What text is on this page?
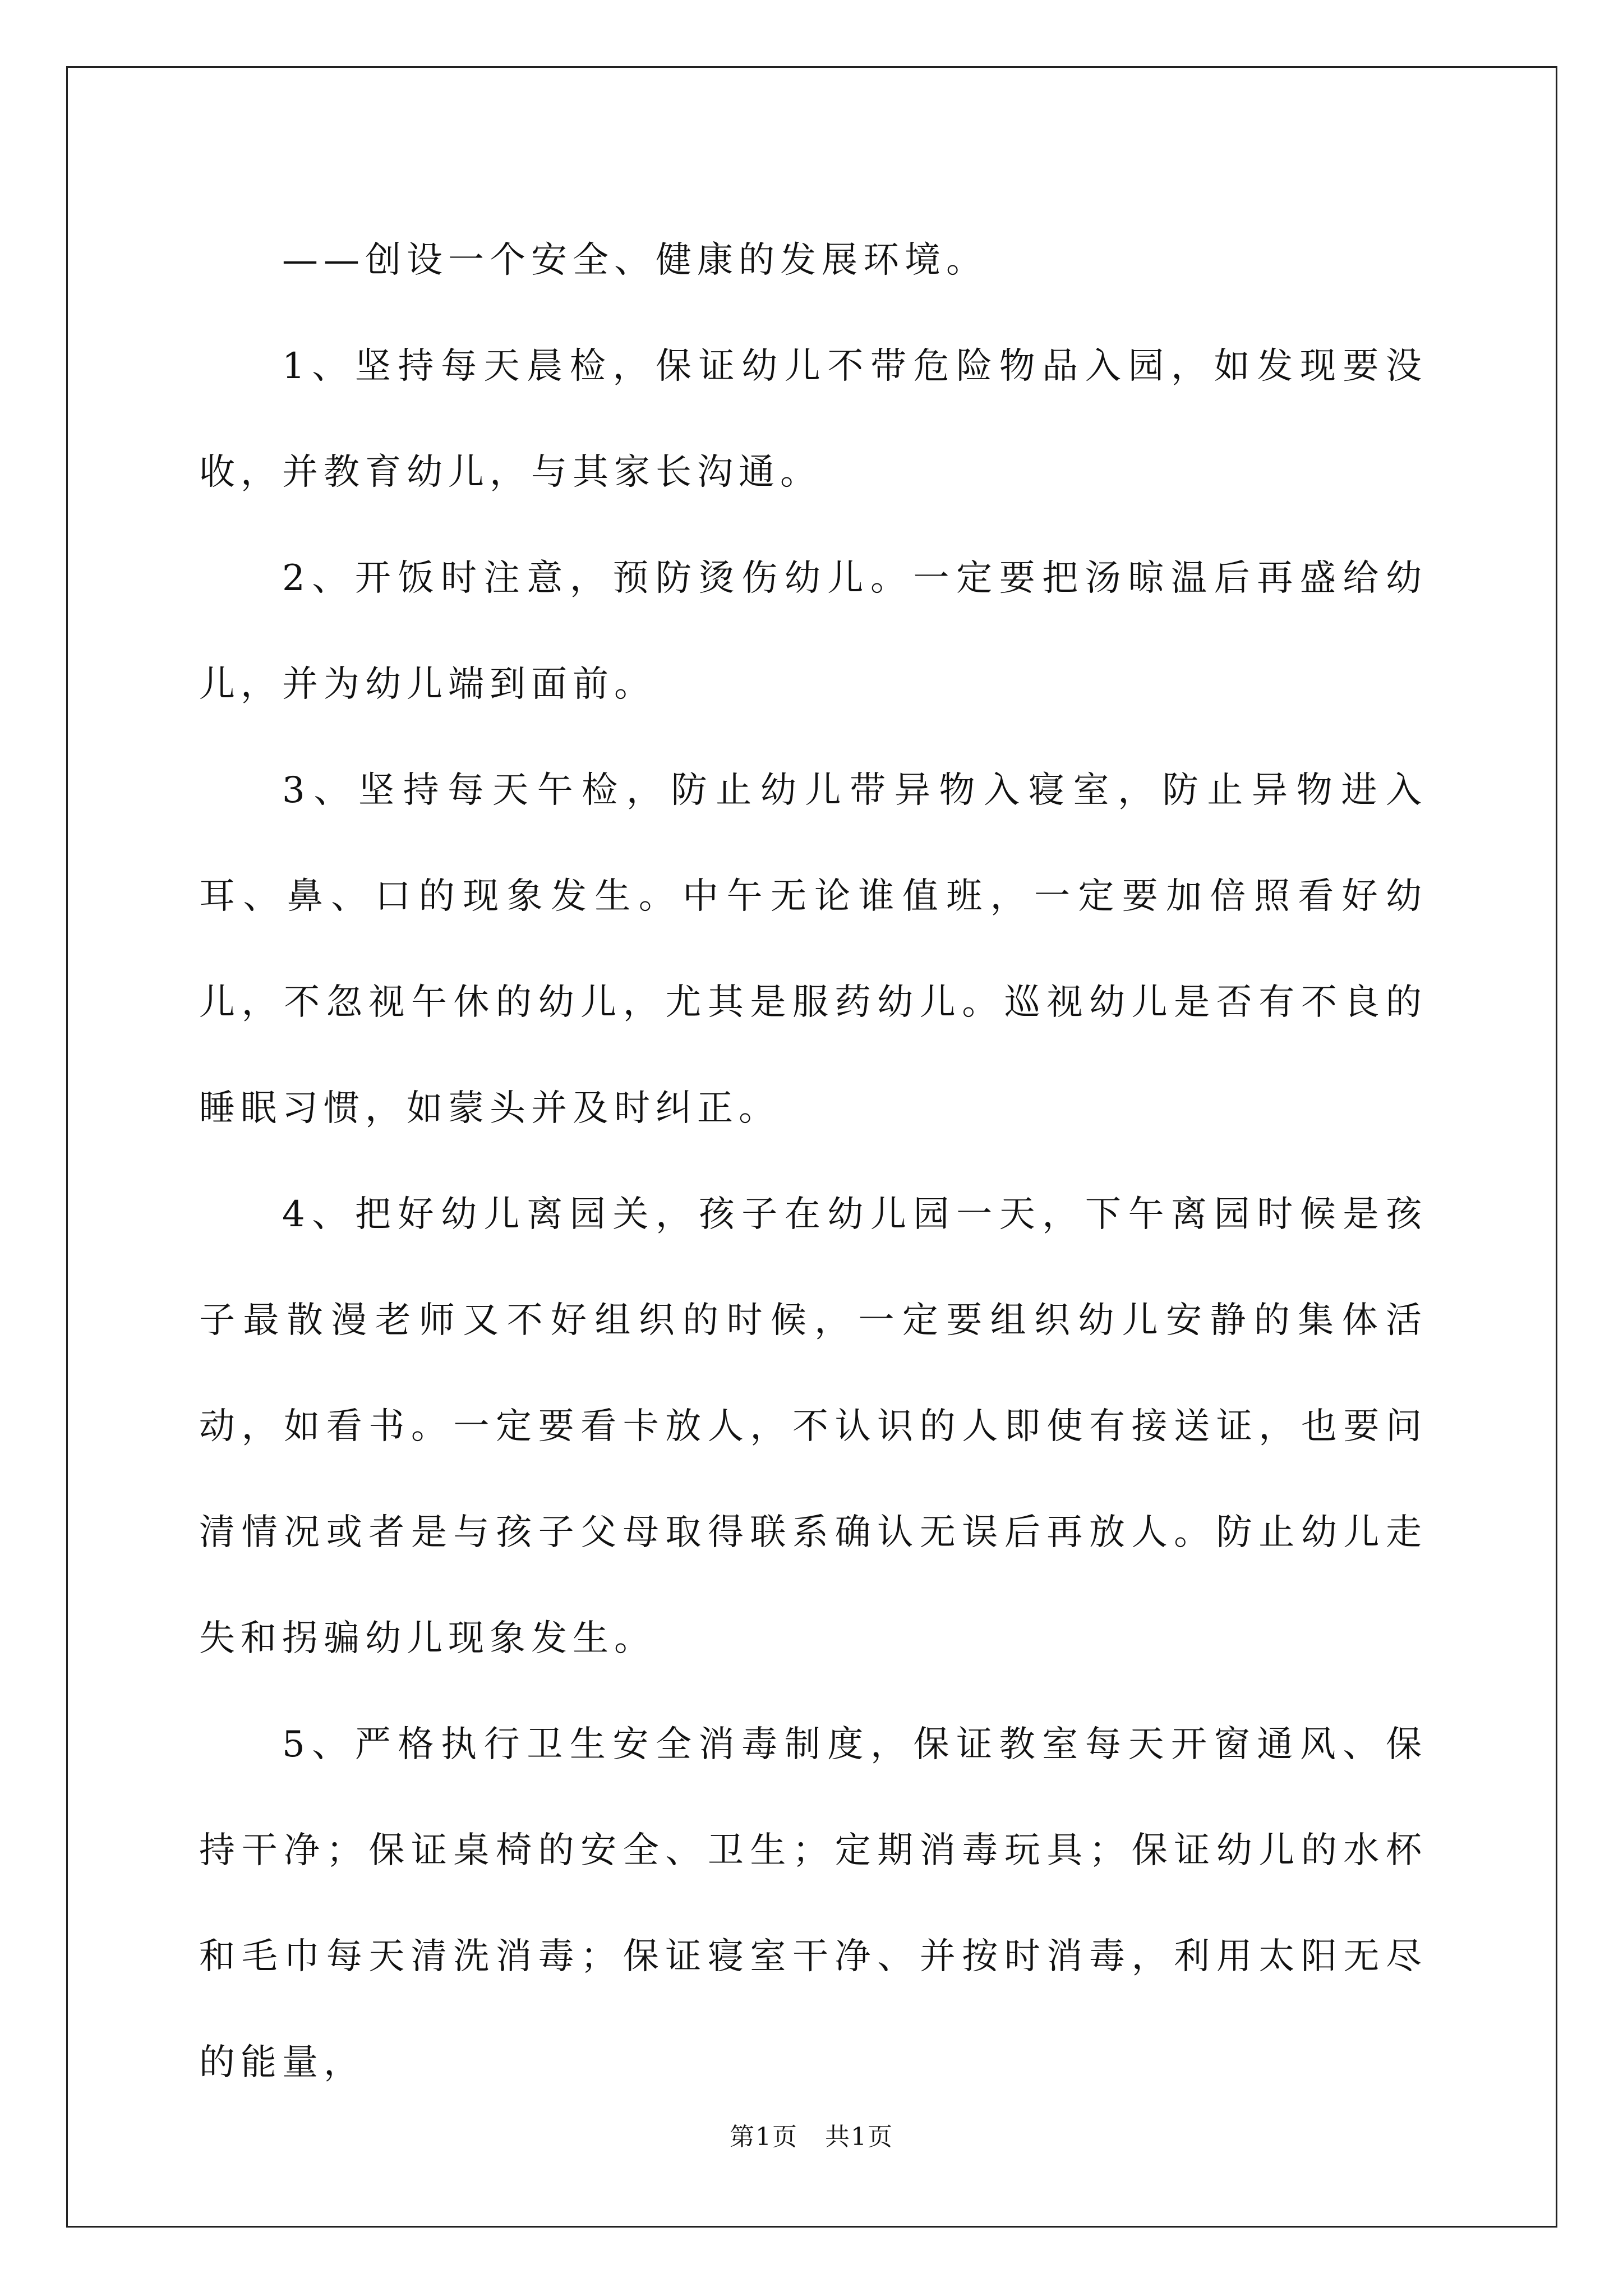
——创设一个安全、健康的发展环境。

1、坚持每天晨检，保证幼儿不带危险物品入园，如发现要没收，并教育幼儿，与其家长沟通。

2、开饭时注意，预防烫伤幼儿。一定要把汤晾温后再盛给幼儿，并为幼儿端到面前。

3、坚持每天午检，防止幼儿带异物入寝室，防止异物进入耳、鼻、口的现象发生。中午无论谁值班，一定要加倍照看好幼儿，不忽视午休的幼儿，尤其是服药幼儿。巡视幼儿是否有不良的睡眠习惯，如蒙头并及时纠正。

4、把好幼儿离园关，孩子在幼儿园一天，下午离园时候是孩子最散漫老师又不好组织的时候，一定要组织幼儿安静的集体活动，如看书。一定要看卡放人，不认识的人即使有接送证，也要问清情况或者是与孩子父母取得联系确认无误后再放人。防止幼儿走失和拐骗幼儿现象发生。

5、严格执行卫生安全消毒制度，保证教室每天开窗通风、保持干净；保证桌椅的安全、卫生；定期消毒玩具；保证幼儿的水杯和毛巾每天清洗消毒；保证寝室干净、并按时消毒，利用太阳无尽的能量，

第1页   共1页
